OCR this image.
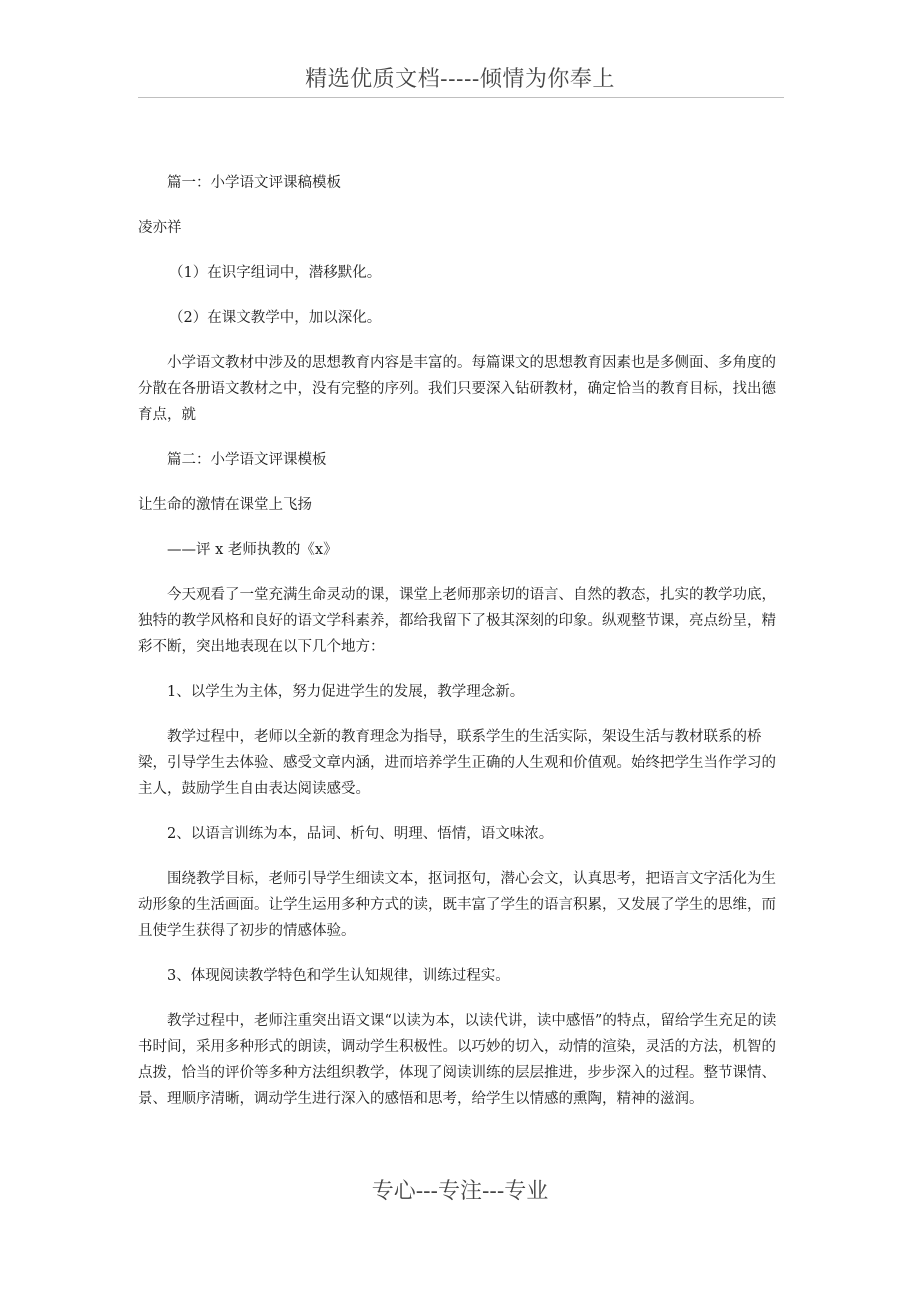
精选优质文档-----倾情为你奉上

篇一：小学语文评课稿模板

凌亦祥

（1）在识字组词中，潜移默化。

（2）在课文教学中，加以深化。

小学语文教材中涉及的思想教育内容是丰富的。每篇课文的思想教育因素也是多侧面、多角度的分散在各册语文教材之中，没有完整的序列。我们只要深入钻研教材，确定恰当的教育目标，找出德育点，就

篇二：小学语文评课模板

让生命的激情在课堂上飞扬

——评 x 老师执教的《x》

今天观看了一堂充满生命灵动的课，课堂上老师那亲切的语言、自然的教态，扎实的教学功底，独特的教学风格和良好的语文学科素养，都给我留下了极其深刻的印象。纵观整节课，亮点纷呈，精彩不断，突出地表现在以下几个地方：

1、以学生为主体，努力促进学生的发展，教学理念新。

教学过程中，老师以全新的教育理念为指导，联系学生的生活实际，架设生活与教材联系的桥梁，引导学生去体验、感受文章内涵，进而培养学生正确的人生观和价值观。始终把学生当作学习的主人，鼓励学生自由表达阅读感受。

2、以语言训练为本，品词、析句、明理、悟情，语文味浓。

围绕教学目标，老师引导学生细读文本，抠词抠句，潜心会文，认真思考，把语言文字活化为生动形象的生活画面。让学生运用多种方式的读，既丰富了学生的语言积累，又发展了学生的思维，而且使学生获得了初步的情感体验。

3、体现阅读教学特色和学生认知规律，训练过程实。

教学过程中，老师注重突出语文课“以读为本，以读代讲，读中感悟”的特点，留给学生充足的读书时间，采用多种形式的朗读，调动学生积极性。以巧妙的切入，动情的渲染，灵活的方法，机智的点拨，恰当的评价等多种方法组织教学，体现了阅读训练的层层推进，步步深入的过程。整节课情、景、理顺序清晰，调动学生进行深入的感悟和思考，给学生以情感的熏陶，精神的滋润。

专心---专注---专业
